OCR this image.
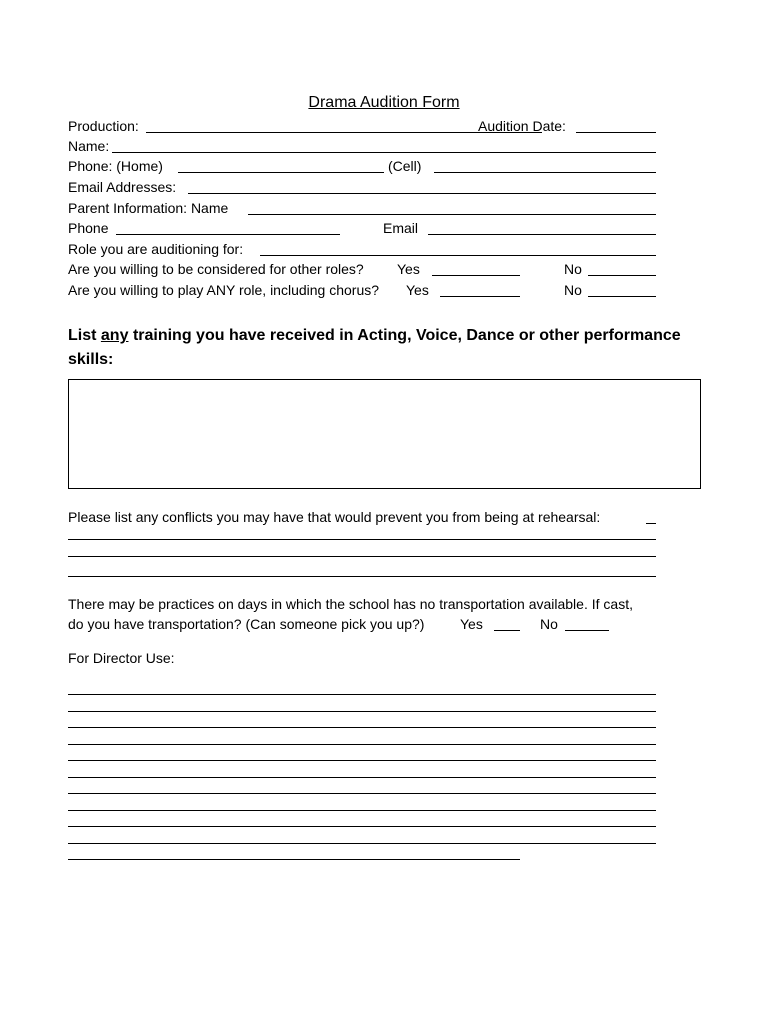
Drama Audition Form
Production:	Audition Date:
Name:
Phone: (Home)	(Cell)
Email Addresses:
Parent Information: Name
Phone	Email
Role you are auditioning for:
Are you willing to be considered for other roles? Yes	No
Are you willing to play ANY role, including chorus? Yes	No
List any training you have received in Acting, Voice, Dance or other performance skills:
Please list any conflicts you may have that would prevent you from being at rehearsal:
There may be practices on days in which the school has no transportation available. If cast,
do you have transportation? (Can someone pick you up?)	Yes	No
For Director Use:
